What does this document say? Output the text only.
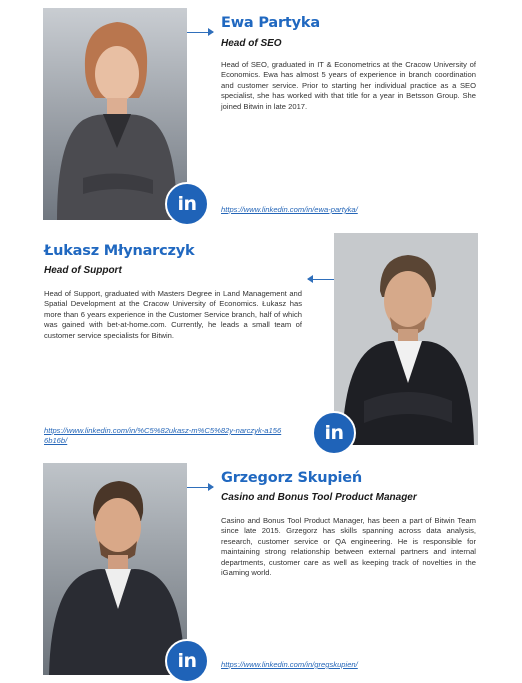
in
Ewa Partyka
Head of SEO
Head of SEO, graduated in IT & Econometrics at the Cracow University of Economics. Ewa has almost 5 years of experience in branch coordination and customer service. Prior to starting her individual practice as a SEO specialist, she has worked with that title for a year in Betsson Group. She joined Bitwin in late 2017.
https://www.linkedin.com/in/ewa-partyka/
Łukasz Młynarczyk
Head of Support
Head of Support, graduated with Masters Degree in Land Management and Spatial Development at the Cracow University of Economics. Łukasz has more than 6 years experience in the Customer Service branch, half of which was gained with bet-at-home.com. Currently, he leads a small team of customer service specialists for Bitwin.
https://www.linkedin.com/in/%C5%82ukasz-m%C5%82y-narczyk-a1566b16b/	in
in
Grzegorz Skupień
Casino and Bonus Tool Product Manager
Casino and Bonus Tool Product Manager, has been a part of Bitwin Team since late 2015. Grzegorz has skills spanning across data analysis, research, customer service or QA engineering. He is responsible for maintaining strong relationship between external partners and internal departments, customer care as well as keeping track of novelties in the iGaming world.
https://www.linkedin.com/in/gregskupien/
